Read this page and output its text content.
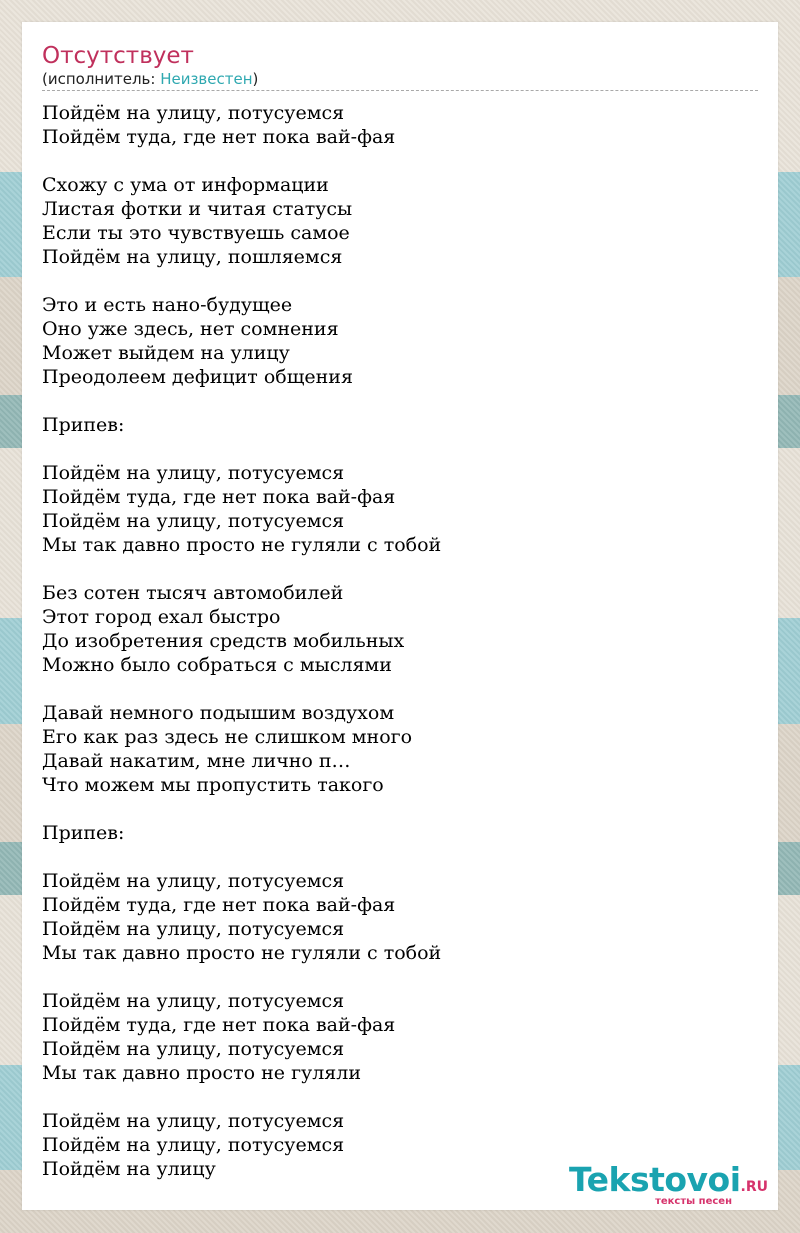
Отсутствует
(исполнитель: Неизвестен)
Пойдём на улицу, потусуемся
Пойдём туда, где нет пока вай-фая
Схожу с ума от информации
Листая фотки и читая статусы
Если ты это чувствуешь самое
Пойдём на улицу, пошляемся
Это и есть нано-будущее
Оно уже здесь, нет сомнения
Может выйдем на улицу
Преодолеем дефицит общения
Припев:
Пойдём на улицу, потусуемся
Пойдём туда, где нет пока вай-фая
Пойдём на улицу, потусуемся
Мы так давно просто не гуляли с тобой
Без сотен тысяч автомобилей
Этот город ехал быстро
До изобретения средств мобильных
Можно было собраться с мыслями
Давай немного подышим воздухом
Его как раз здесь не слишком много
Давай накатим, мне лично п…
Что можем мы пропустить такого
Припев:
Пойдём на улицу, потусуемся
Пойдём туда, где нет пока вай-фая
Пойдём на улицу, потусуемся
Мы так давно просто не гуляли с тобой
Пойдём на улицу, потусуемся
Пойдём туда, где нет пока вай-фая
Пойдём на улицу, потусуемся
Мы так давно просто не гуляли
Пойдём на улицу, потусуемся
Пойдём на улицу, потусуемся
Пойдём на улицу	Tekstovoi.RU
тексты песен
